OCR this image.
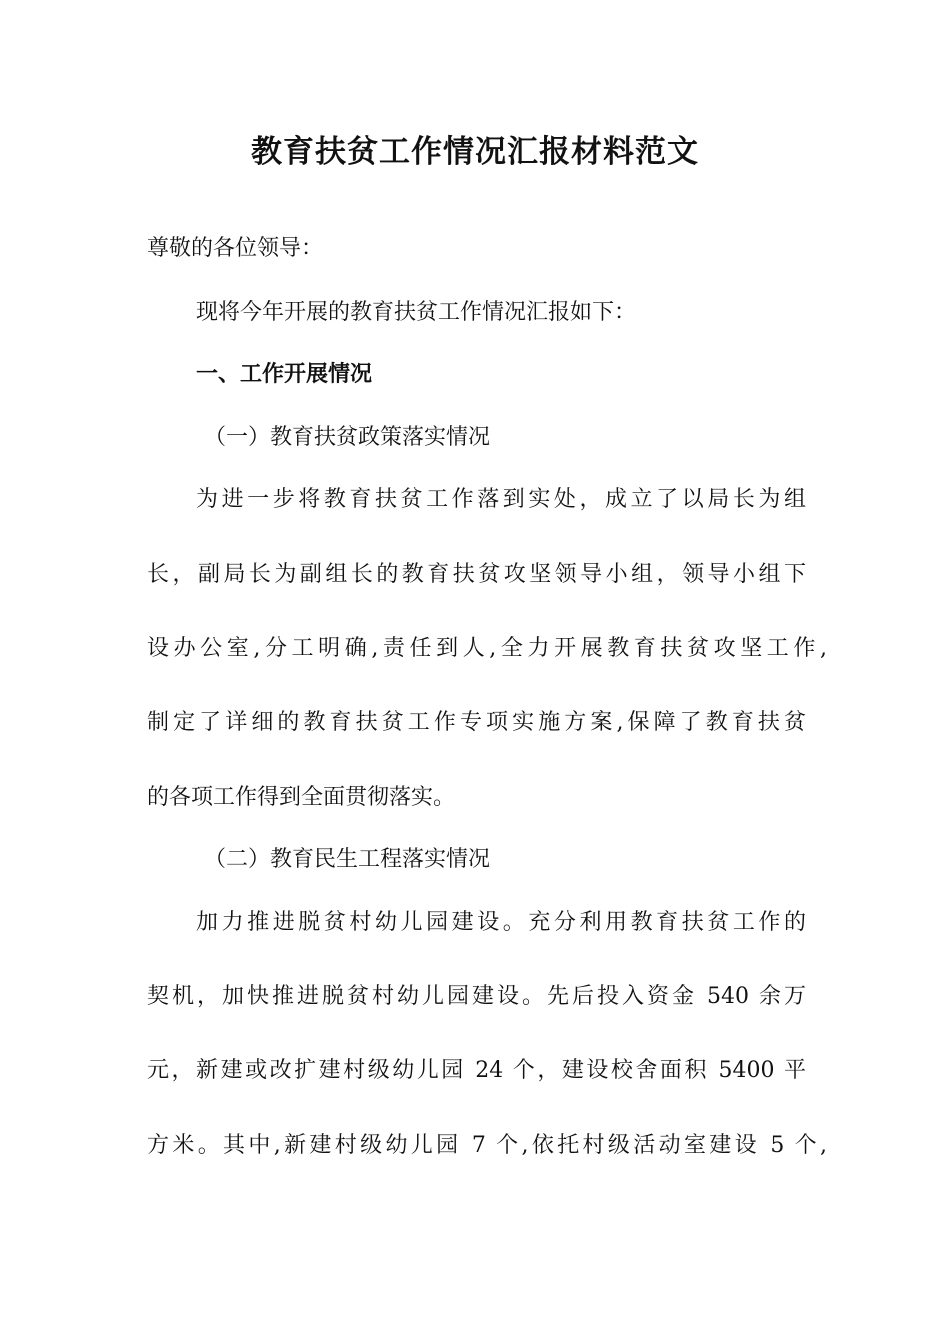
教育扶贫工作情况汇报材料范文

尊敬的各位领导：

现将今年开展的教育扶贫工作情况汇报如下：

一、工作开展情况

（一）教育扶贫政策落实情况

为进一步将教育扶贫工作落到实处，成立了以局长为组

长，副局长为副组长的教育扶贫攻坚领导小组，领导小组下

设办公室,分工明确,责任到人,全力开展教育扶贫攻坚工作,

制定了详细的教育扶贫工作专项实施方案,保障了教育扶贫

的各项工作得到全面贯彻落实。

（二）教育民生工程落实情况

加力推进脱贫村幼儿园建设。充分利用教育扶贫工作的

契机，加快推进脱贫村幼儿园建设。先后投入资金 540 余万

元，新建或改扩建村级幼儿园 24 个，建设校舍面积 5400 平

方米。其中,新建村级幼儿园 7 个,依托村级活动室建设 5 个,
